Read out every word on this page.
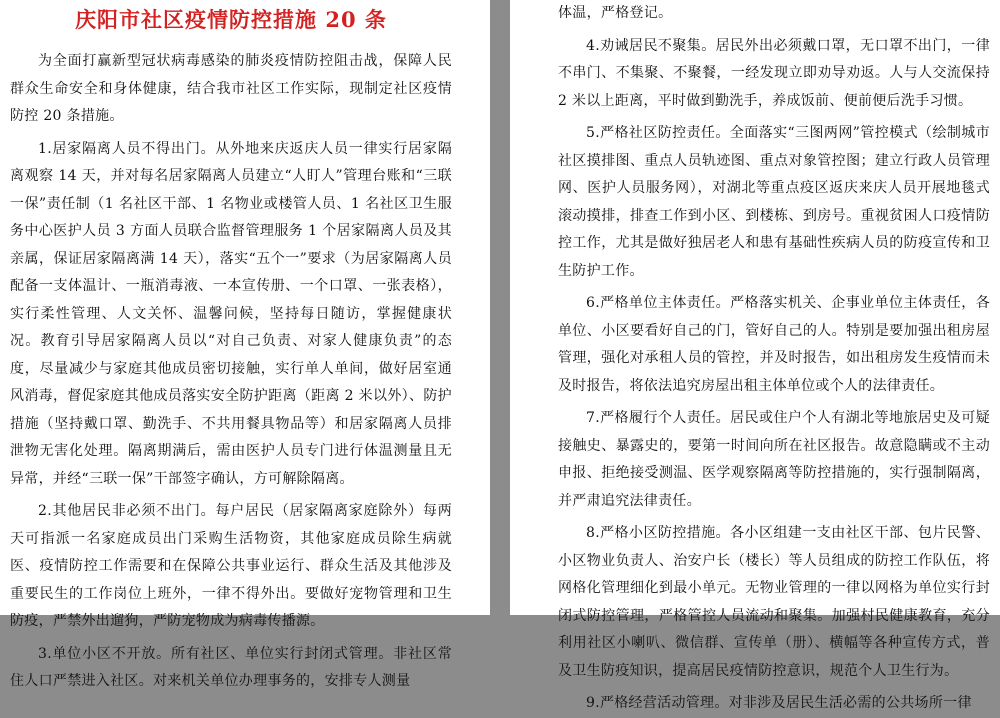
庆阳市社区疫情防控措施 20 条

为全面打赢新型冠状病毒感染的肺炎疫情防控阻击战，保障人民群众生命安全和身体健康，结合我市社区工作实际，现制定社区疫情防控 20 条措施。

1.居家隔离人员不得出门。从外地来庆返庆人员一律实行居家隔离观察 14 天，并对每名居家隔离人员建立“人盯人”管理台账和“三联一保”责任制（1 名社区干部、1 名物业或楼管人员、1 名社区卫生服务中心医护人员 3 方面人员联合监督管理服务 1 个居家隔离人员及其亲属，保证居家隔离满 14 天），落实“五个一”要求（为居家隔离人员配备一支体温计、一瓶消毒液、一本宣传册、一个口罩、一张表格），实行柔性管理、人文关怀、温馨问候，坚持每日随访，掌握健康状况。教育引导居家隔离人员以“对自己负责、对家人健康负责”的态度，尽量减少与家庭其他成员密切接触，实行单人单间，做好居室通风消毒，督促家庭其他成员落实安全防护距离（距离 2 米以外）、防护措施（坚持戴口罩、勤洗手、不共用餐具物品等）和居家隔离人员排泄物无害化处理。隔离期满后，需由医护人员专门进行体温测量且无异常，并经“三联一保”干部签字确认，方可解除隔离。

2.其他居民非必须不出门。每户居民（居家隔离家庭除外）每两天可指派一名家庭成员出门采购生活物资，其他家庭成员除生病就医、疫情防控工作需要和在保障公共事业运行、群众生活及其他涉及重要民生的工作岗位上班外，一律不得外出。要做好宠物管理和卫生防疫，严禁外出遛狗，严防宠物成为病毒传播源。

3.单位小区不开放。所有社区、单位实行封闭式管理。非社区常住人口严禁进入社区。对来机关单位办理事务的，安排专人测量

体温，严格登记。

4.劝诫居民不聚集。居民外出必须戴口罩，无口罩不出门，一律不串门、不集聚、不聚餐，一经发现立即劝导劝返。人与人交流保持 2 米以上距离，平时做到勤洗手，养成饭前、便前便后洗手习惯。

5.严格社区防控责任。全面落实“三图两网”管控模式（绘制城市社区摸排图、重点人员轨迹图、重点对象管控图；建立行政人员管理网、医护人员服务网），对湖北等重点疫区返庆来庆人员开展地毯式滚动摸排，排查工作到小区、到楼栋、到房号。重视贫困人口疫情防控工作，尤其是做好独居老人和患有基础性疾病人员的防疫宣传和卫生防护工作。

6.严格单位主体责任。严格落实机关、企事业单位主体责任，各单位、小区要看好自己的门，管好自己的人。特别是要加强出租房屋管理，强化对承租人员的管控，并及时报告，如出租房发生疫情而未及时报告，将依法追究房屋出租主体单位或个人的法律责任。

7.严格履行个人责任。居民或住户个人有湖北等地旅居史及可疑接触史、暴露史的，要第一时间向所在社区报告。故意隐瞒或不主动申报、拒绝接受测温、医学观察隔离等防控措施的，实行强制隔离，并严肃追究法律责任。

8.严格小区防控措施。各小区组建一支由社区干部、包片民警、小区物业负责人、治安户长（楼长）等人员组成的防控工作队伍，将网格化管理细化到最小单元。无物业管理的一律以网格为单位实行封闭式防控管理，严格管控人员流动和聚集。加强村民健康教育，充分利用社区小喇叭、微信群、宣传单（册）、横幅等各种宣传方式，普及卫生防疫知识，提高居民疫情防控意识，规范个人卫生行为。

9.严格经营活动管理。对非涉及居民生活必需的公共场所一律
